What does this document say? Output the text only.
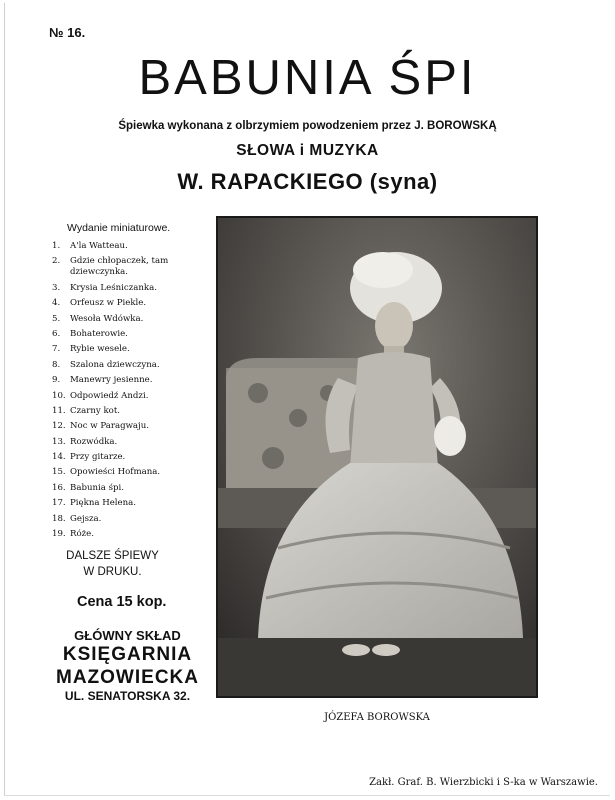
№ 16.
BABUNIA ŚPI
Śpiewka wykonana z olbrzymiem powodzeniem przez J. BOROWSKĄ
SŁOWA i MUZYKA
W. RAPACKIEGO (syna)
Wydanie miniaturowe.
1.	A'la Watteau.
2.	Gdzie chłopaczek, tam dziewczynka.
3.	Krysia Leśniczanka.
4.	Orfeusz w Piekle.
5.	Wesoła Wdówka.
6.	Bohaterowie.
7.	Rybie wesele.
8.	Szalona dziewczyna.
9.	Manewry jesienne.
10. Odpowiedź Andzi.
11. Czarny kot.
12. Noc w Paragwaju.
13. Rozwódka.
14. Przy gitarze.
15. Opowieści Hofmana.
16. Babunia śpi.
17. Piękna Helena.
18. Gejsza.
19. Róże.
DALSZE ŚPIEWY
W DRUKU.
Cena 15 kop.
GŁÓWNY SKŁAD
KSIĘGARNIA
MAZOWIECKA
UL. SENATORSKA 32.
JÓZEFA BOROWSKA
Zakł. Graf. B. Wierzbicki i S-ka w Warszawie.
